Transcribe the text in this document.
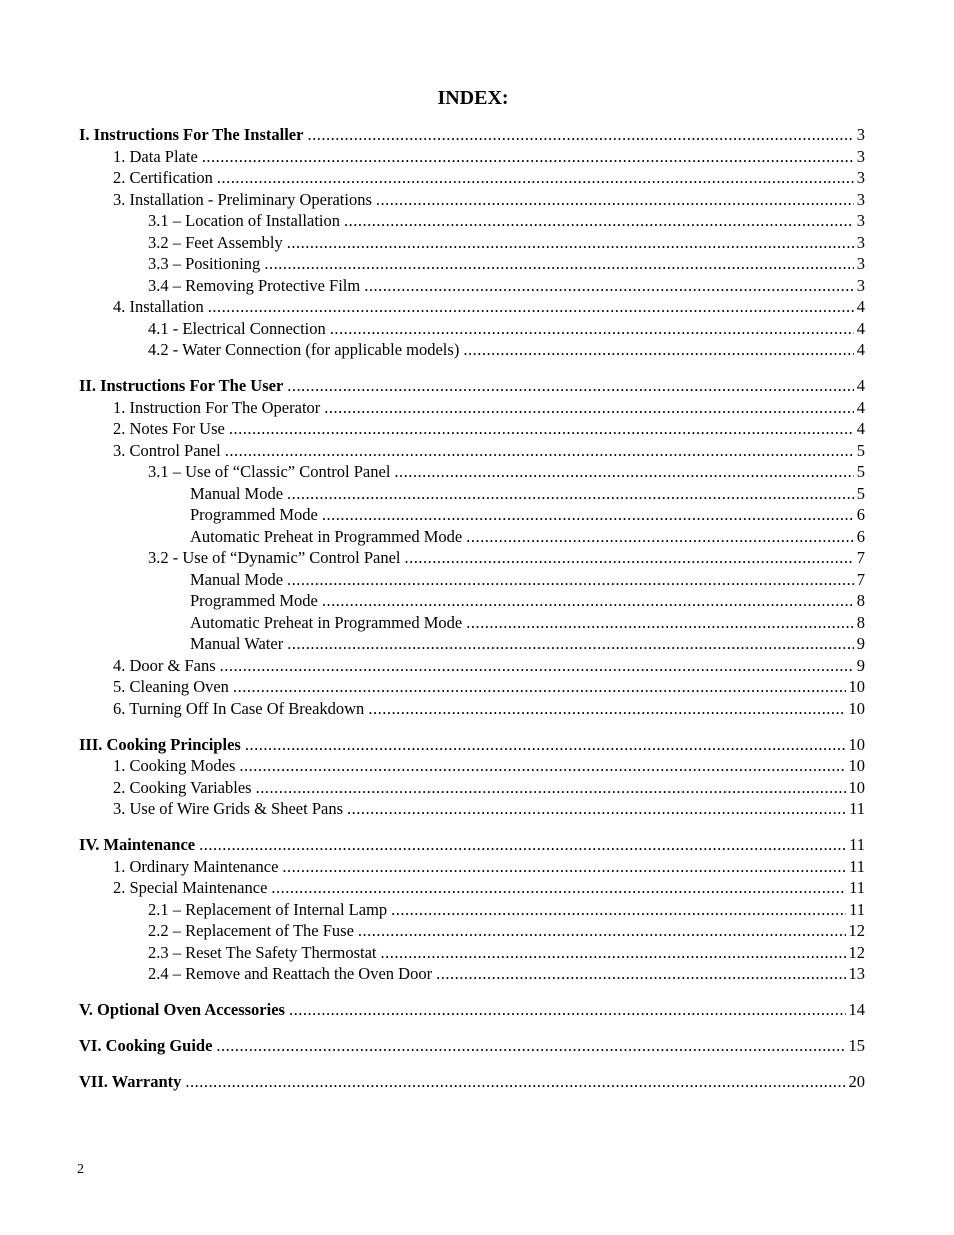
INDEX:
I. Instructions For The Installer .....	3
1. Data Plate .....	3
2. Certification .....	3
3. Installation - Preliminary Operations .....	3
3.1 – Location of Installation .....	3
3.2 – Feet Assembly .....	3
3.3 – Positioning .....	3
3.4 – Removing Protective Film .....	3
4. Installation .....	4
4.1 - Electrical Connection .....	4
4.2 - Water Connection (for applicable models) .....	4
II. Instructions For The User .....	4
1. Instruction For The Operator .....	4
2. Notes For Use .....	4
3. Control Panel .....	5
3.1 – Use of “Classic” Control Panel .....	5
Manual Mode .....	5
Programmed Mode .....	6
Automatic Preheat in Programmed Mode .....	6
3.2 - Use of “Dynamic” Control Panel .....	7
Manual Mode .....	7
Programmed Mode .....	8
Automatic Preheat in Programmed Mode .....	8
Manual Water .....	9
4. Door & Fans .....	9
5. Cleaning Oven .....	10
6. Turning Off In Case Of Breakdown .....	10
III. Cooking Principles .....	10
1. Cooking Modes .....	10
2. Cooking Variables .....	10
3. Use of Wire Grids & Sheet Pans .....	11
IV. Maintenance .....	11
1. Ordinary Maintenance .....	11
2. Special Maintenance .....	11
2.1 – Replacement of Internal Lamp .....	11
2.2 – Replacement of The Fuse .....	12
2.3 – Reset The Safety Thermostat .....	12
2.4 – Remove and Reattach the Oven Door .....	13
V. Optional Oven Accessories .....	14
VI. Cooking Guide .....	15
VII. Warranty .....	20
2
